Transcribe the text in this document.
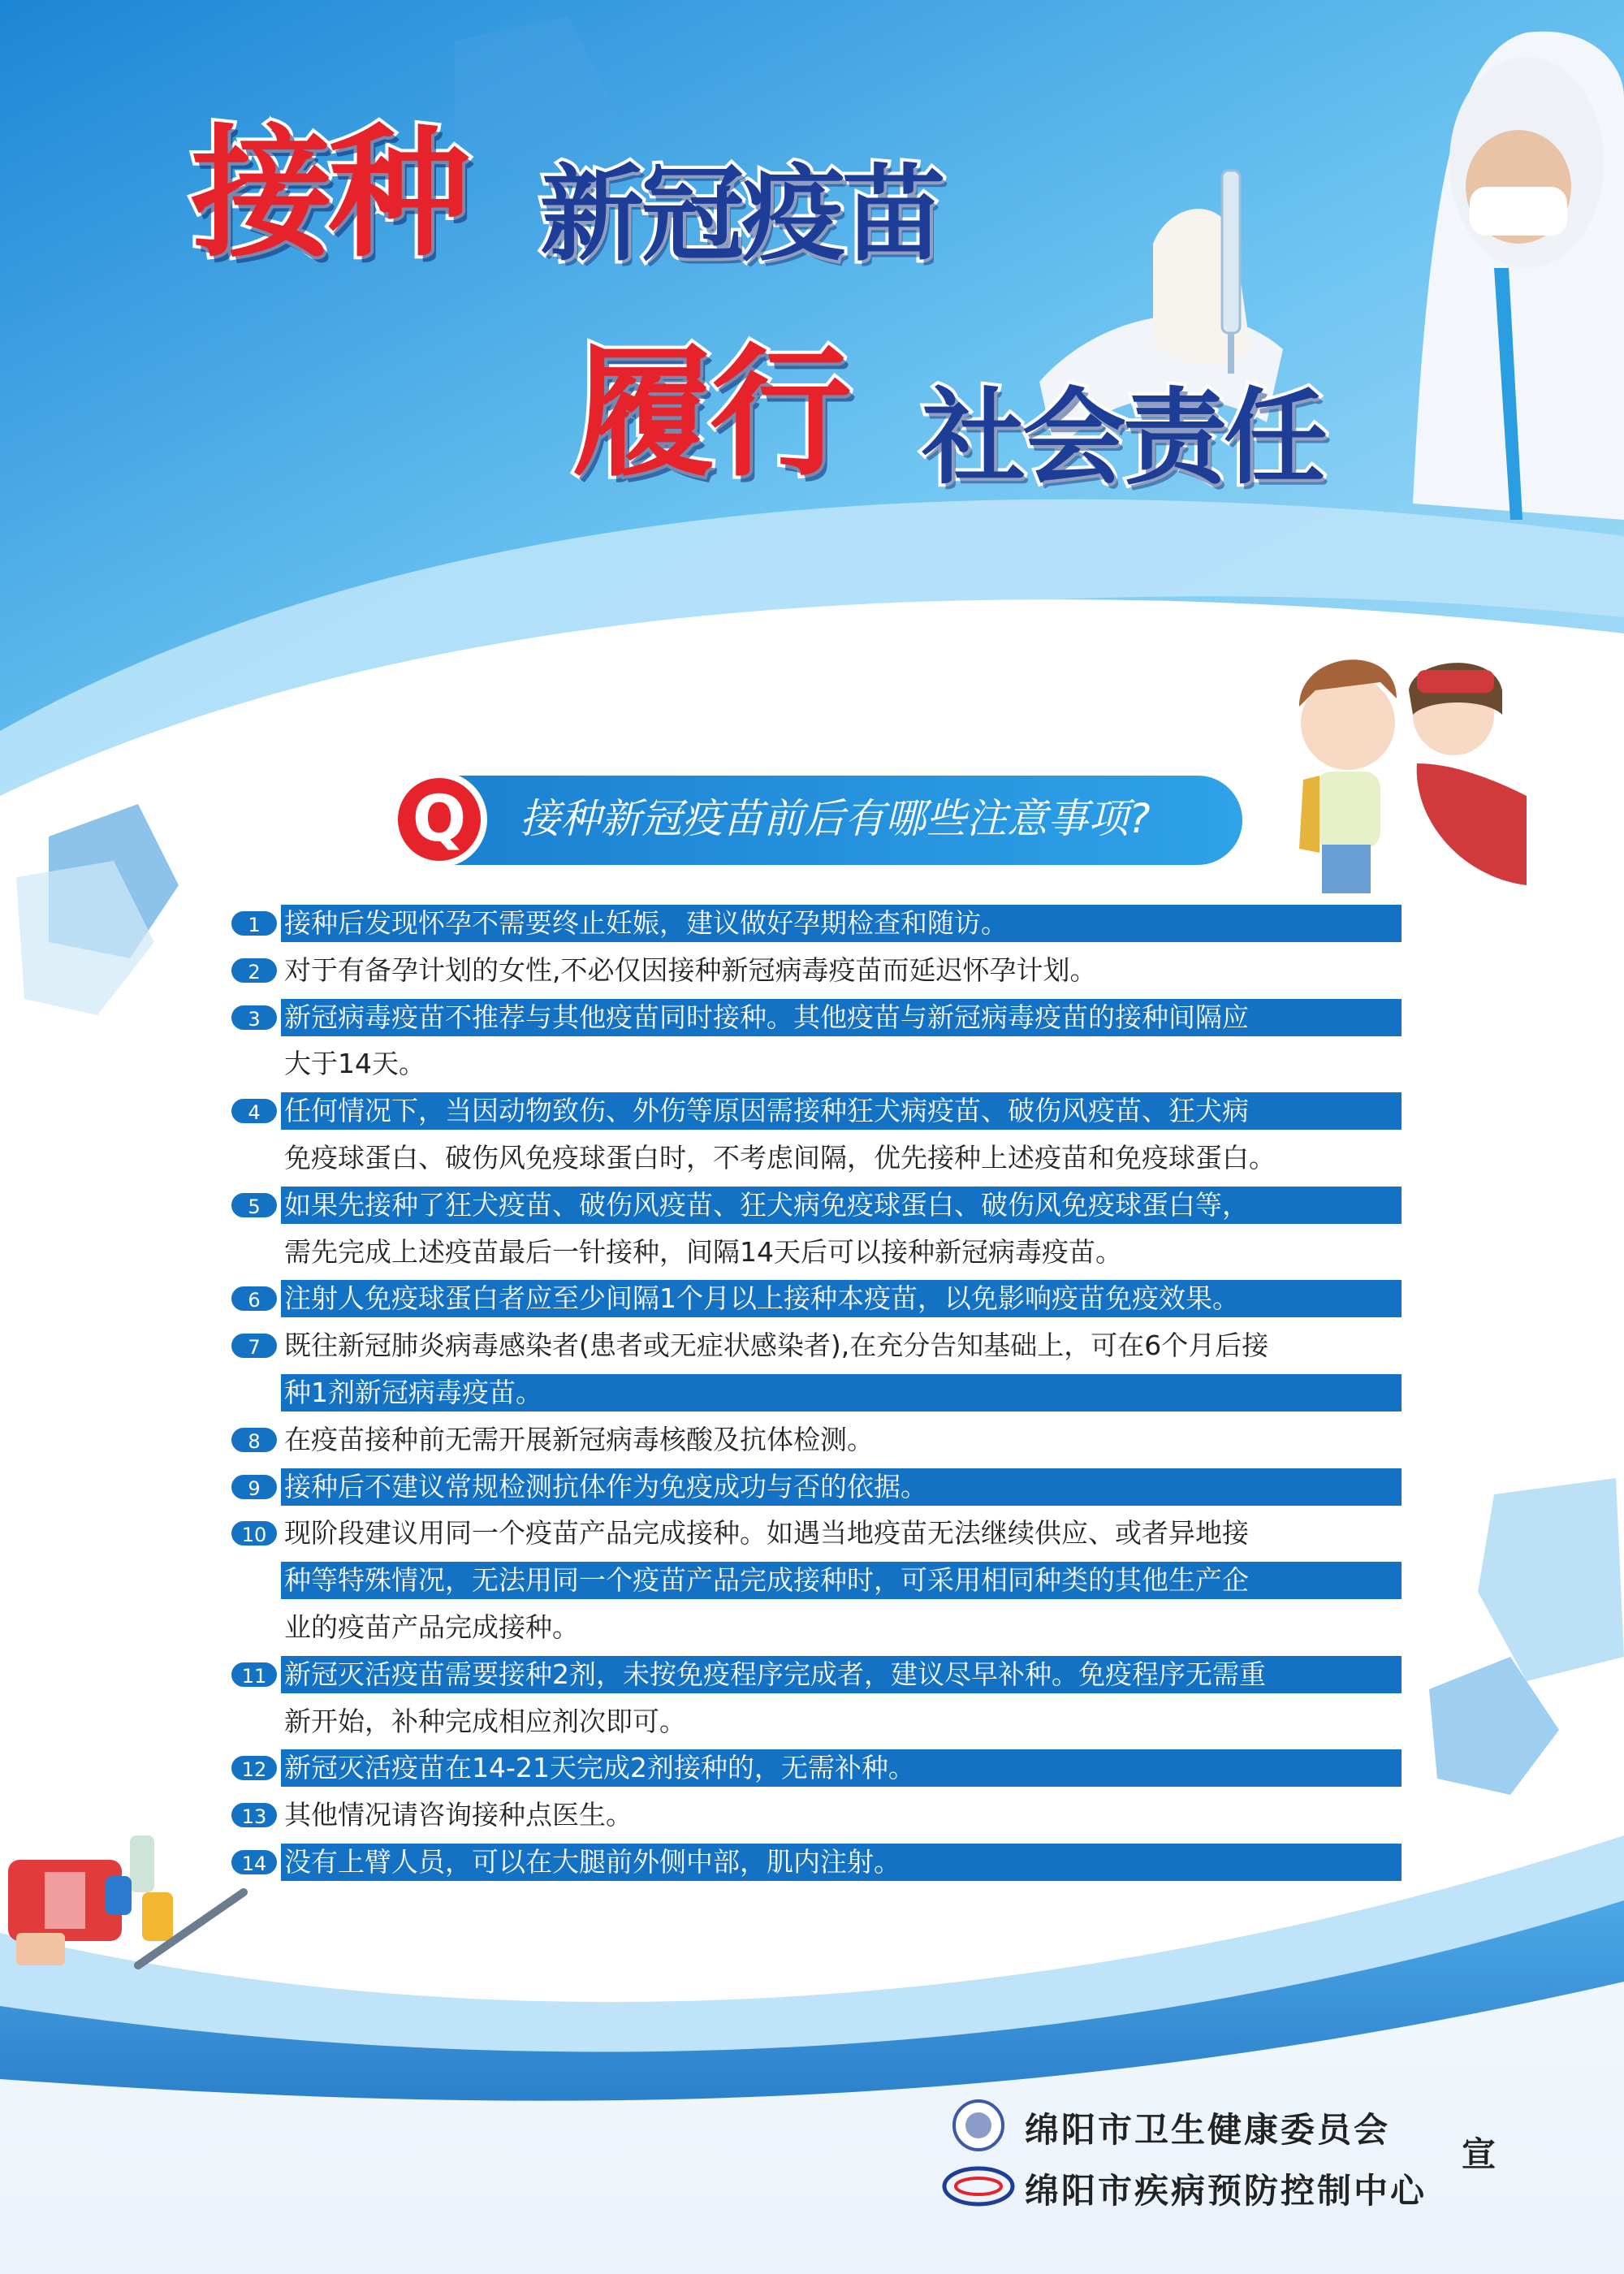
接种 新冠疫苗
履行 社会责任
Q	接种新冠疫苗前后有哪些注意事项?
1 接种后发现怀孕不需要终止妊娠，建议做好孕期检查和随访。
2 对于有备孕计划的女性,不必仅因接种新冠病毒疫苗而延迟怀孕计划。
3 新冠病毒疫苗不推荐与其他疫苗同时接种。其他疫苗与新冠病毒疫苗的接种间隔应
大于14天。
4 任何情况下，当因动物致伤、外伤等原因需接种狂犬病疫苗、破伤风疫苗、狂犬病
免疫球蛋白、破伤风免疫球蛋白时，不考虑间隔，优先接种上述疫苗和免疫球蛋白。
5 如果先接种了狂犬疫苗、破伤风疫苗、狂犬病免疫球蛋白、破伤风免疫球蛋白等，
需先完成上述疫苗最后一针接种，间隔14天后可以接种新冠病毒疫苗。
6 注射人免疫球蛋白者应至少间隔1个月以上接种本疫苗，以免影响疫苗免疫效果。
7 既往新冠肺炎病毒感染者(患者或无症状感染者),在充分告知基础上，可在6个月后接
种1剂新冠病毒疫苗。
8 在疫苗接种前无需开展新冠病毒核酸及抗体检测。
9 接种后不建议常规检测抗体作为免疫成功与否的依据。
10 现阶段建议用同一个疫苗产品完成接种。如遇当地疫苗无法继续供应、或者异地接
种等特殊情况，无法用同一个疫苗产品完成接种时，可采用相同种类的其他生产企
业的疫苗产品完成接种。
11 新冠灭活疫苗需要接种2剂，未按免疫程序完成者，建议尽早补种。免疫程序无需重
新开始，补种完成相应剂次即可。
12 新冠灭活疫苗在14-21天完成2剂接种的，无需补种。
13 其他情况请咨询接种点医生。
14 没有上臂人员，可以在大腿前外侧中部，肌内注射。
绵阳市卫生健康委员会
绵阳市疾病预防控制中心
宣
